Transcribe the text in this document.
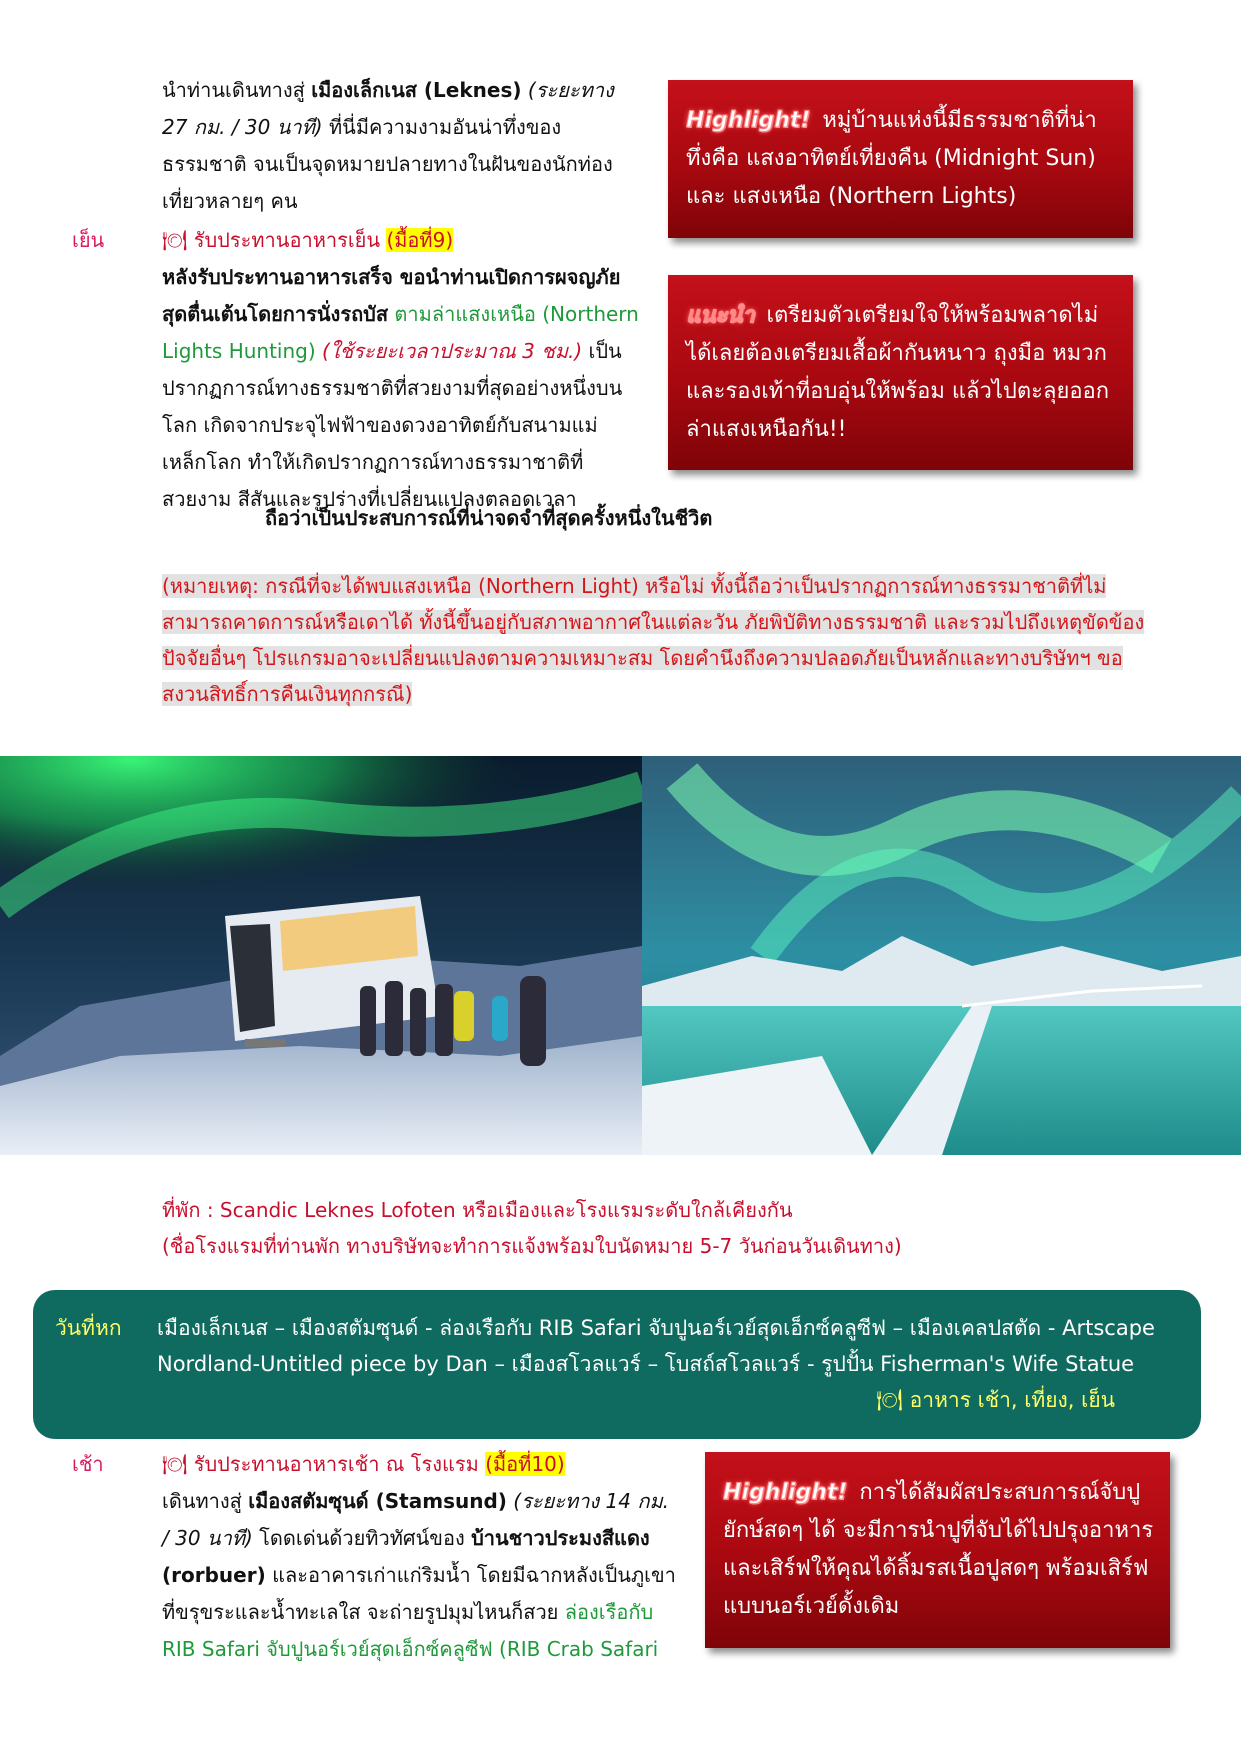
นำท่านเดินทางสู่ เมืองเล็กเนส (Leknes) (ระยะทาง 27 กม. / 30 นาที) ที่นี่มีความงามอันน่าทึ่งของธรรมชาติ จนเป็นจุดหมายปลายทางในฝันของนักท่องเที่ยวหลายๆ คน
เย็น	🍽 รับประทานอาหารเย็น (มื้อที่9)
หลังรับประทานอาหารเสร็จ ขอนำท่านเปิดการผจญภัยสุดตื่นเต้นโดยการนั่งรถบัส ตามล่าแสงเหนือ (Northern Lights Hunting) (ใช้ระยะเวลาประมาณ 3 ชม.) เป็นปรากฏการณ์ทางธรรมชาติที่สวยงามที่สุดอย่างหนึ่งบนโลก เกิดจากประจุไฟฟ้าของดวงอาทิตย์กับสนามแม่เหล็กโลก ทำให้เกิดปรากฏการณ์ทางธรรมาชาติที่สวยงาม สีสันและรูปร่างที่เปลี่ยนแปลงตลอดเวลา
ถือว่าเป็นประสบการณ์ที่น่าจดจำที่สุดครั้งหนึ่งในชีวิต
Highlight! หมู่บ้านแห่งนี้มีธรรมชาติที่น่าทึ่งคือ แสงอาทิตย์เที่ยงคืน (Midnight Sun) และ แสงเหนือ (Northern Lights)
แนะนำ เตรียมตัวเตรียมใจให้พร้อมพลาดไม่ได้เลยต้องเตรียมเสื้อผ้ากันหนาว ถุงมือ หมวก และรองเท้าที่อบอุ่นให้พร้อม แล้วไปตะลุยออกล่าแสงเหนือกัน!!
(หมายเหตุ: กรณีที่จะได้พบแสงเหนือ (Northern Light) หรือไม่ ทั้งนี้ถือว่าเป็นปรากฏการณ์ทางธรรมาชาติที่ไม่สามารถคาดการณ์หรือเดาได้ ทั้งนี้ขึ้นอยู่กับสภาพอากาศในแต่ละวัน ภัยพิบัติทางธรรมชาติ และรวมไปถึงเหตุขัดข้องปัจจัยอื่นๆ โปรแกรมอาจะเปลี่ยนแปลงตามความเหมาะสม โดยคำนึงถึงความปลอดภัยเป็นหลักและทางบริษัทฯ ขอสงวนสิทธิ์การคืนเงินทุกกรณี)
ที่พัก : Scandic Leknes Lofoten หรือเมืองและโรงแรมระดับใกล้เคียงกัน
(ชื่อโรงแรมที่ท่านพัก ทางบริษัทจะทำการแจ้งพร้อมใบนัดหมาย 5-7 วันก่อนวันเดินทาง)
วันที่หก เมืองเล็กเนส – เมืองสตัมซุนด์ - ล่องเรือกับ RIB Safari จับปูนอร์เวย์สุดเอ็กซ์คลูซีฟ – เมืองเคลปสตัด - Artscape Nordland-Untitled piece by Dan – เมืองสโวลแวร์ – โบสถ์สโวลแวร์ - รูปปั้น Fisherman's Wife Statue
🍽 อาหาร เช้า, เที่ยง, เย็น
เช้า	🍽 รับประทานอาหารเช้า ณ โรงแรม (มื้อที่10)
เดินทางสู่ เมืองสตัมซุนด์ (Stamsund) (ระยะทาง 14 กม. / 30 นาที) โดดเด่นด้วยทิวทัศน์ของ บ้านชาวประมงสีแดง (rorbuer) และอาคารเก่าแก่ริมน้ำ โดยมีฉากหลังเป็นภูเขาที่ขรุขระและน้ำทะเลใส จะถ่ายรูปมุมไหนก็สวย ล่องเรือกับ RIB Safari จับปูนอร์เวย์สุดเอ็กซ์คลูซีฟ (RIB Crab Safari
Highlight! การได้สัมผัสประสบการณ์จับปูยักษ์สดๆ ได้ จะมีการนำปูที่จับได้ไปปรุงอาหารและเสิร์ฟให้คุณได้ลิ้มรสเนื้อปูสดๆ พร้อมเสิร์ฟแบบนอร์เวย์ดั้งเดิม
